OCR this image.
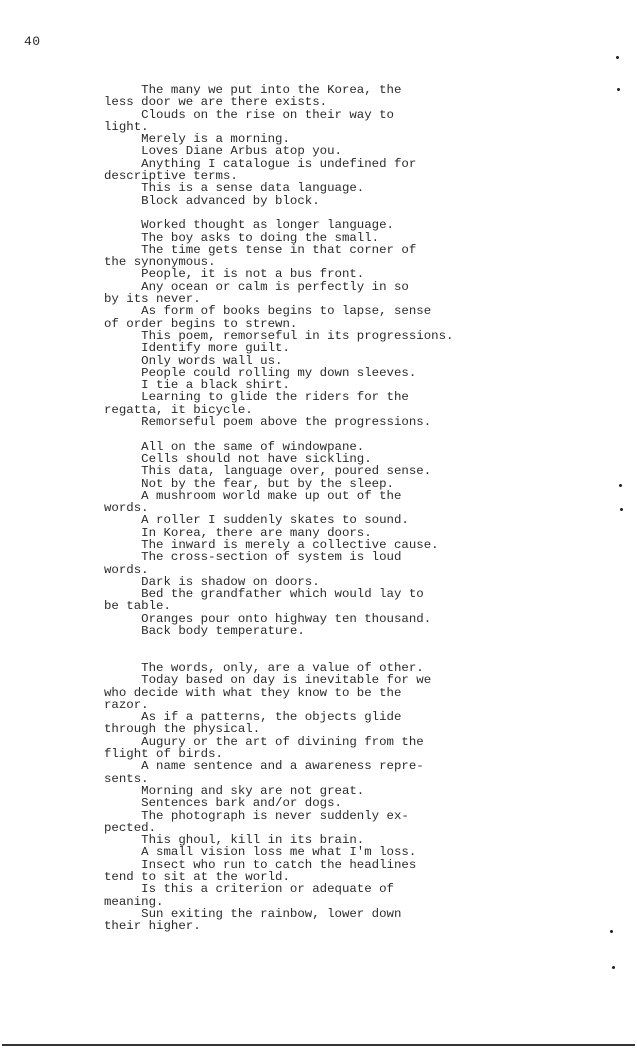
40
The many we put into the Korea, the
less door we are there exists.
Clouds on the rise on their way to
light.
Merely is a morning.
Loves Diane Arbus atop you.
Anything I catalogue is undefined for
descriptive terms.
This is a sense data language.
Block advanced by block.
Worked thought as longer language.
The boy asks to doing the small.
The time gets tense in that corner of
the synonymous.
People, it is not a bus front.
Any ocean or calm is perfectly in so
by its never.
As form of books begins to lapse, sense
of order begins to strewn.
This poem, remorseful in its progressions.
Identify more guilt.
Only words wall us.
People could rolling my down sleeves.
I tie a black shirt.
Learning to glide the riders for the
regatta, it bicycle.
Remorseful poem above the progressions.
All on the same of windowpane.
Cells should not have sickling.
This data, language over, poured sense.
Not by the fear, but by the sleep.
A mushroom world make up out of the
words.
A roller I suddenly skates to sound.
In Korea, there are many doors.
The inward is merely a collective cause.
The cross-section of system is loud
words.
Dark is shadow on doors.
Bed the grandfather which would lay to
be table.
Oranges pour onto highway ten thousand.
Back body temperature.
The words, only, are a value of other.
Today based on day is inevitable for we
who decide with what they know to be the
razor.
As if a patterns, the objects glide
through the physical.
Augury or the art of divining from the
flight of birds.
A name sentence and a awareness repre-
sents.
Morning and sky are not great.
Sentences bark and/or dogs.
The photograph is never suddenly ex-
pected.
This ghoul, kill in its brain.
A small vision loss me what I'm loss.
Insect who run to catch the headlines
tend to sit at the world.
Is this a criterion or adequate of
meaning.
Sun exiting the rainbow, lower down
their higher.
